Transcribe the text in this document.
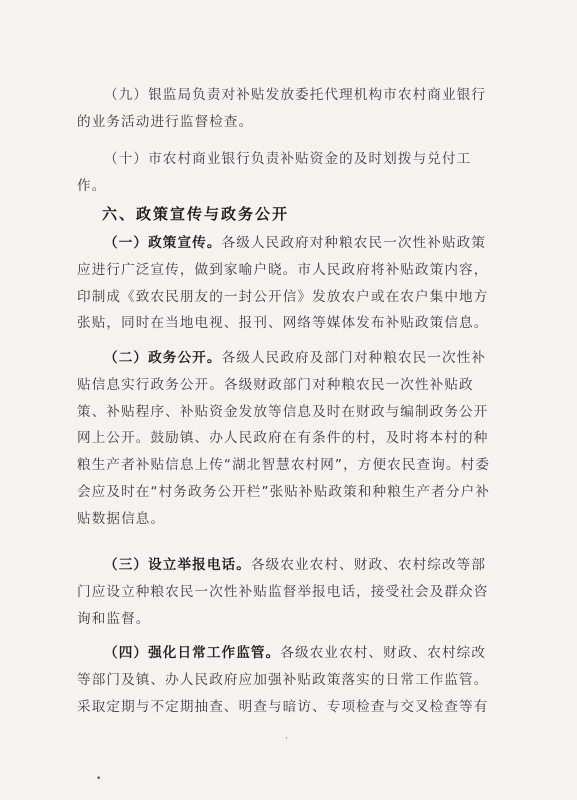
（九）银监局负责对补贴发放委托代理机构市农村商业银行的业务活动进行监督检查。

（十）市农村商业银行负责补贴资金的及时划拨与兑付工作。

六、政策宣传与政务公开

（一）政策宣传。各级人民政府对种粮农民一次性补贴政策应进行广泛宣传，做到家喻户晓。市人民政府将补贴政策内容，印制成《致农民朋友的一封公开信》发放农户或在农户集中地方张贴，同时在当地电视、报刊、网络等媒体发布补贴政策信息。

（二）政务公开。各级人民政府及部门对种粮农民一次性补贴信息实行政务公开。各级财政部门对种粮农民一次性补贴政策、补贴程序、补贴资金发放等信息及时在财政与编制政务公开网上公开。鼓励镇、办人民政府在有条件的村，及时将本村的种粮生产者补贴信息上传“湖北智慧农村网”，方便农民查询。村委会应及时在“村务政务公开栏”张贴补贴政策和种粮生产者分户补贴数据信息。

（三）设立举报电话。各级农业农村、财政、农村综改等部门应设立种粮农民一次性补贴监督举报电话，接受社会及群众咨询和监督。

（四）强化日常工作监管。各级农业农村、财政、农村综改等部门及镇、办人民政府应加强补贴政策落实的日常工作监管。采取定期与不定期抽查、明查与暗访、专项检查与交叉检查等有

·
•
